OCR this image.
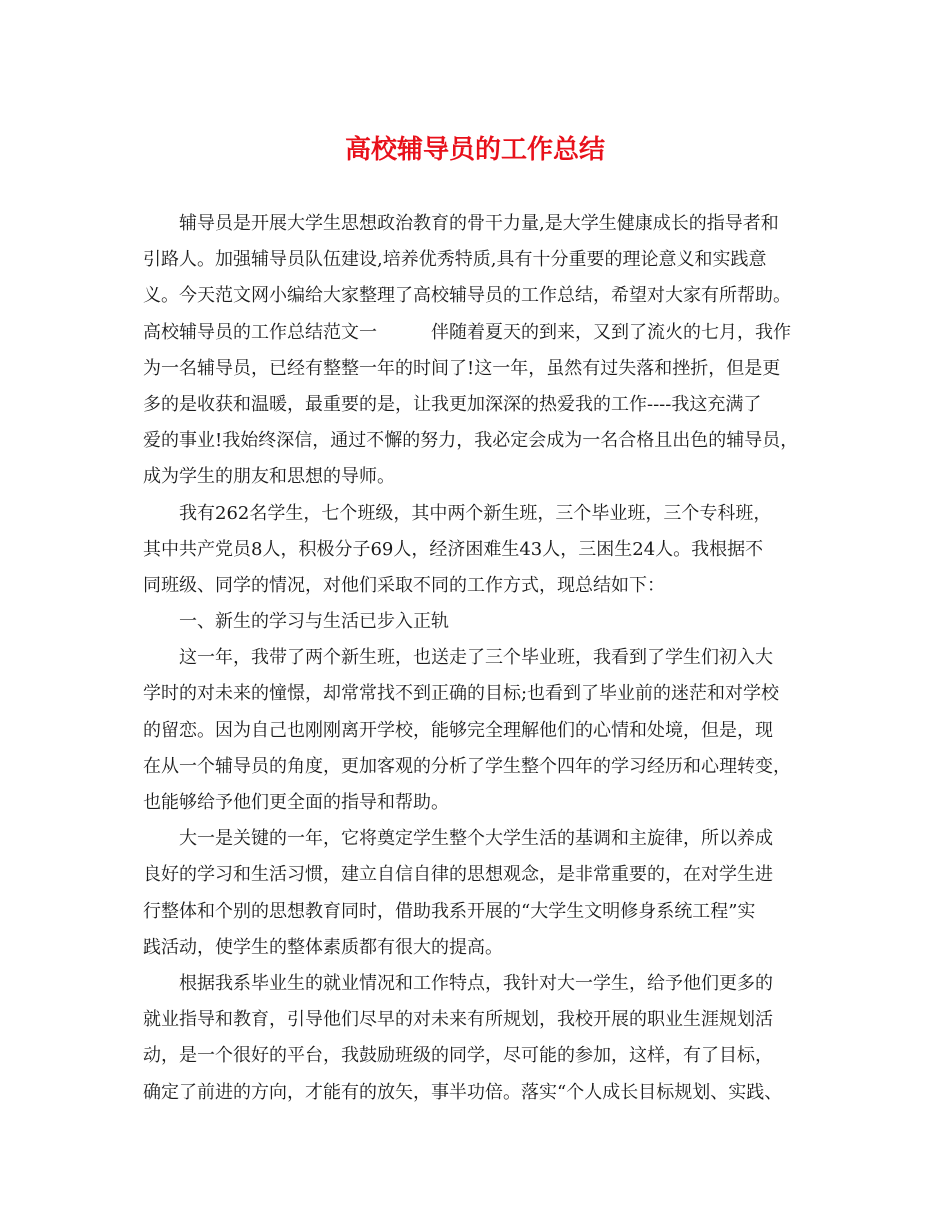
高校辅导员的工作总结
辅导员是开展大学生思想政治教育的骨干力量,是大学生健康成长的指导者和
引路人。加强辅导员队伍建设,培养优秀特质,具有十分重要的理论意义和实践意
义。今天范文网小编给大家整理了高校辅导员的工作总结，希望对大家有所帮助。
高校辅导员的工作总结范文一	伴随着夏天的到来，又到了流火的七月，我作
为一名辅导员，已经有整整一年的时间了!这一年，虽然有过失落和挫折，但是更
多的是收获和温暖，最重要的是，让我更加深深的热爱我的工作----我这充满了
爱的事业!我始终深信，通过不懈的努力，我必定会成为一名合格且出色的辅导员，
成为学生的朋友和思想的导师。
我有262名学生，七个班级，其中两个新生班，三个毕业班，三个专科班，
其中共产党员8人，积极分子69人，经济困难生43人，三困生24人。我根据不
同班级、同学的情况，对他们采取不同的工作方式，现总结如下：
一、新生的学习与生活已步入正轨
这一年，我带了两个新生班，也送走了三个毕业班，我看到了学生们初入大
学时的对未来的憧憬，却常常找不到正确的目标;也看到了毕业前的迷茫和对学校
的留恋。因为自己也刚刚离开学校，能够完全理解他们的心情和处境，但是，现
在从一个辅导员的角度，更加客观的分析了学生整个四年的学习经历和心理转变，
也能够给予他们更全面的指导和帮助。
大一是关键的一年，它将奠定学生整个大学生活的基调和主旋律，所以养成
良好的学习和生活习惯，建立自信自律的思想观念，是非常重要的，在对学生进
行整体和个别的思想教育同时，借助我系开展的“大学生文明修身系统工程”实
践活动，使学生的整体素质都有很大的提高。
根据我系毕业生的就业情况和工作特点，我针对大一学生，给予他们更多的
就业指导和教育，引导他们尽早的对未来有所规划，我校开展的职业生涯规划活
动，是一个很好的平台，我鼓励班级的同学，尽可能的参加，这样，有了目标，
确定了前进的方向，才能有的放矢，事半功倍。落实“个人成长目标规划、实践、
